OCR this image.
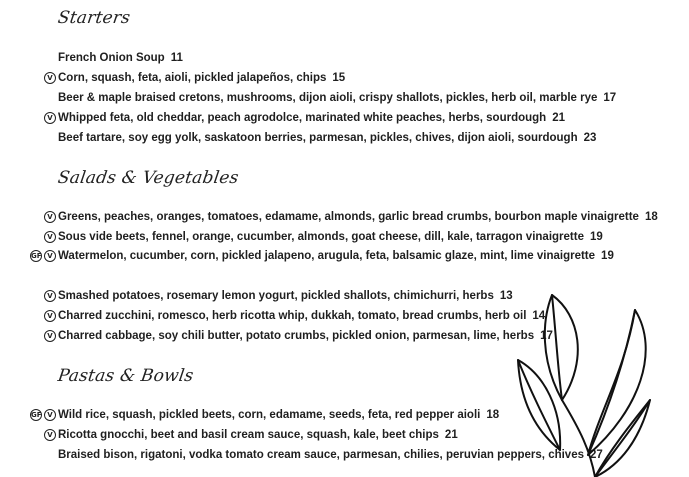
Starters
French Onion Soup 11
V Corn, squash, feta, aioli, pickled jalapeños, chips 15
Beer & maple braised cretons, mushrooms, dijon aioli, crispy shallots, pickles, herb oil, marble rye 17
V Whipped feta, old cheddar, peach agrodolce, marinated white peaches, herbs, sourdough 21
Beef tartare, soy egg yolk, saskatoon berries, parmesan, pickles, chives, dijon aioli, sourdough 23
Salads & Vegetables
V Greens, peaches, oranges, tomatoes, edamame, almonds, garlic bread crumbs, bourbon maple vinaigrette 18
V Sous vide beets, fennel, orange, cucumber, almonds, goat cheese, dill, kale, tarragon vinaigrette 19
GF V Watermelon, cucumber, corn, pickled jalapeno, arugula, feta, balsamic glaze, mint, lime vinaigrette 19
V Smashed potatoes, rosemary lemon yogurt, pickled shallots, chimichurri, herbs 13
V Charred zucchini, romesco, herb ricotta whip, dukkah, tomato, bread crumbs, herb oil 14
V Charred cabbage, soy chili butter, potato crumbs, pickled onion, parmesan, lime, herbs 17
Pastas & Bowls
GF V Wild rice, squash, pickled beets, corn, edamame, seeds, feta, red pepper aioli 18
V Ricotta gnocchi, beet and basil cream sauce, squash, kale, beet chips 21
Braised bison, rigatoni, vodka tomato cream sauce, parmesan, chilies, peruvian peppers, chives 27
